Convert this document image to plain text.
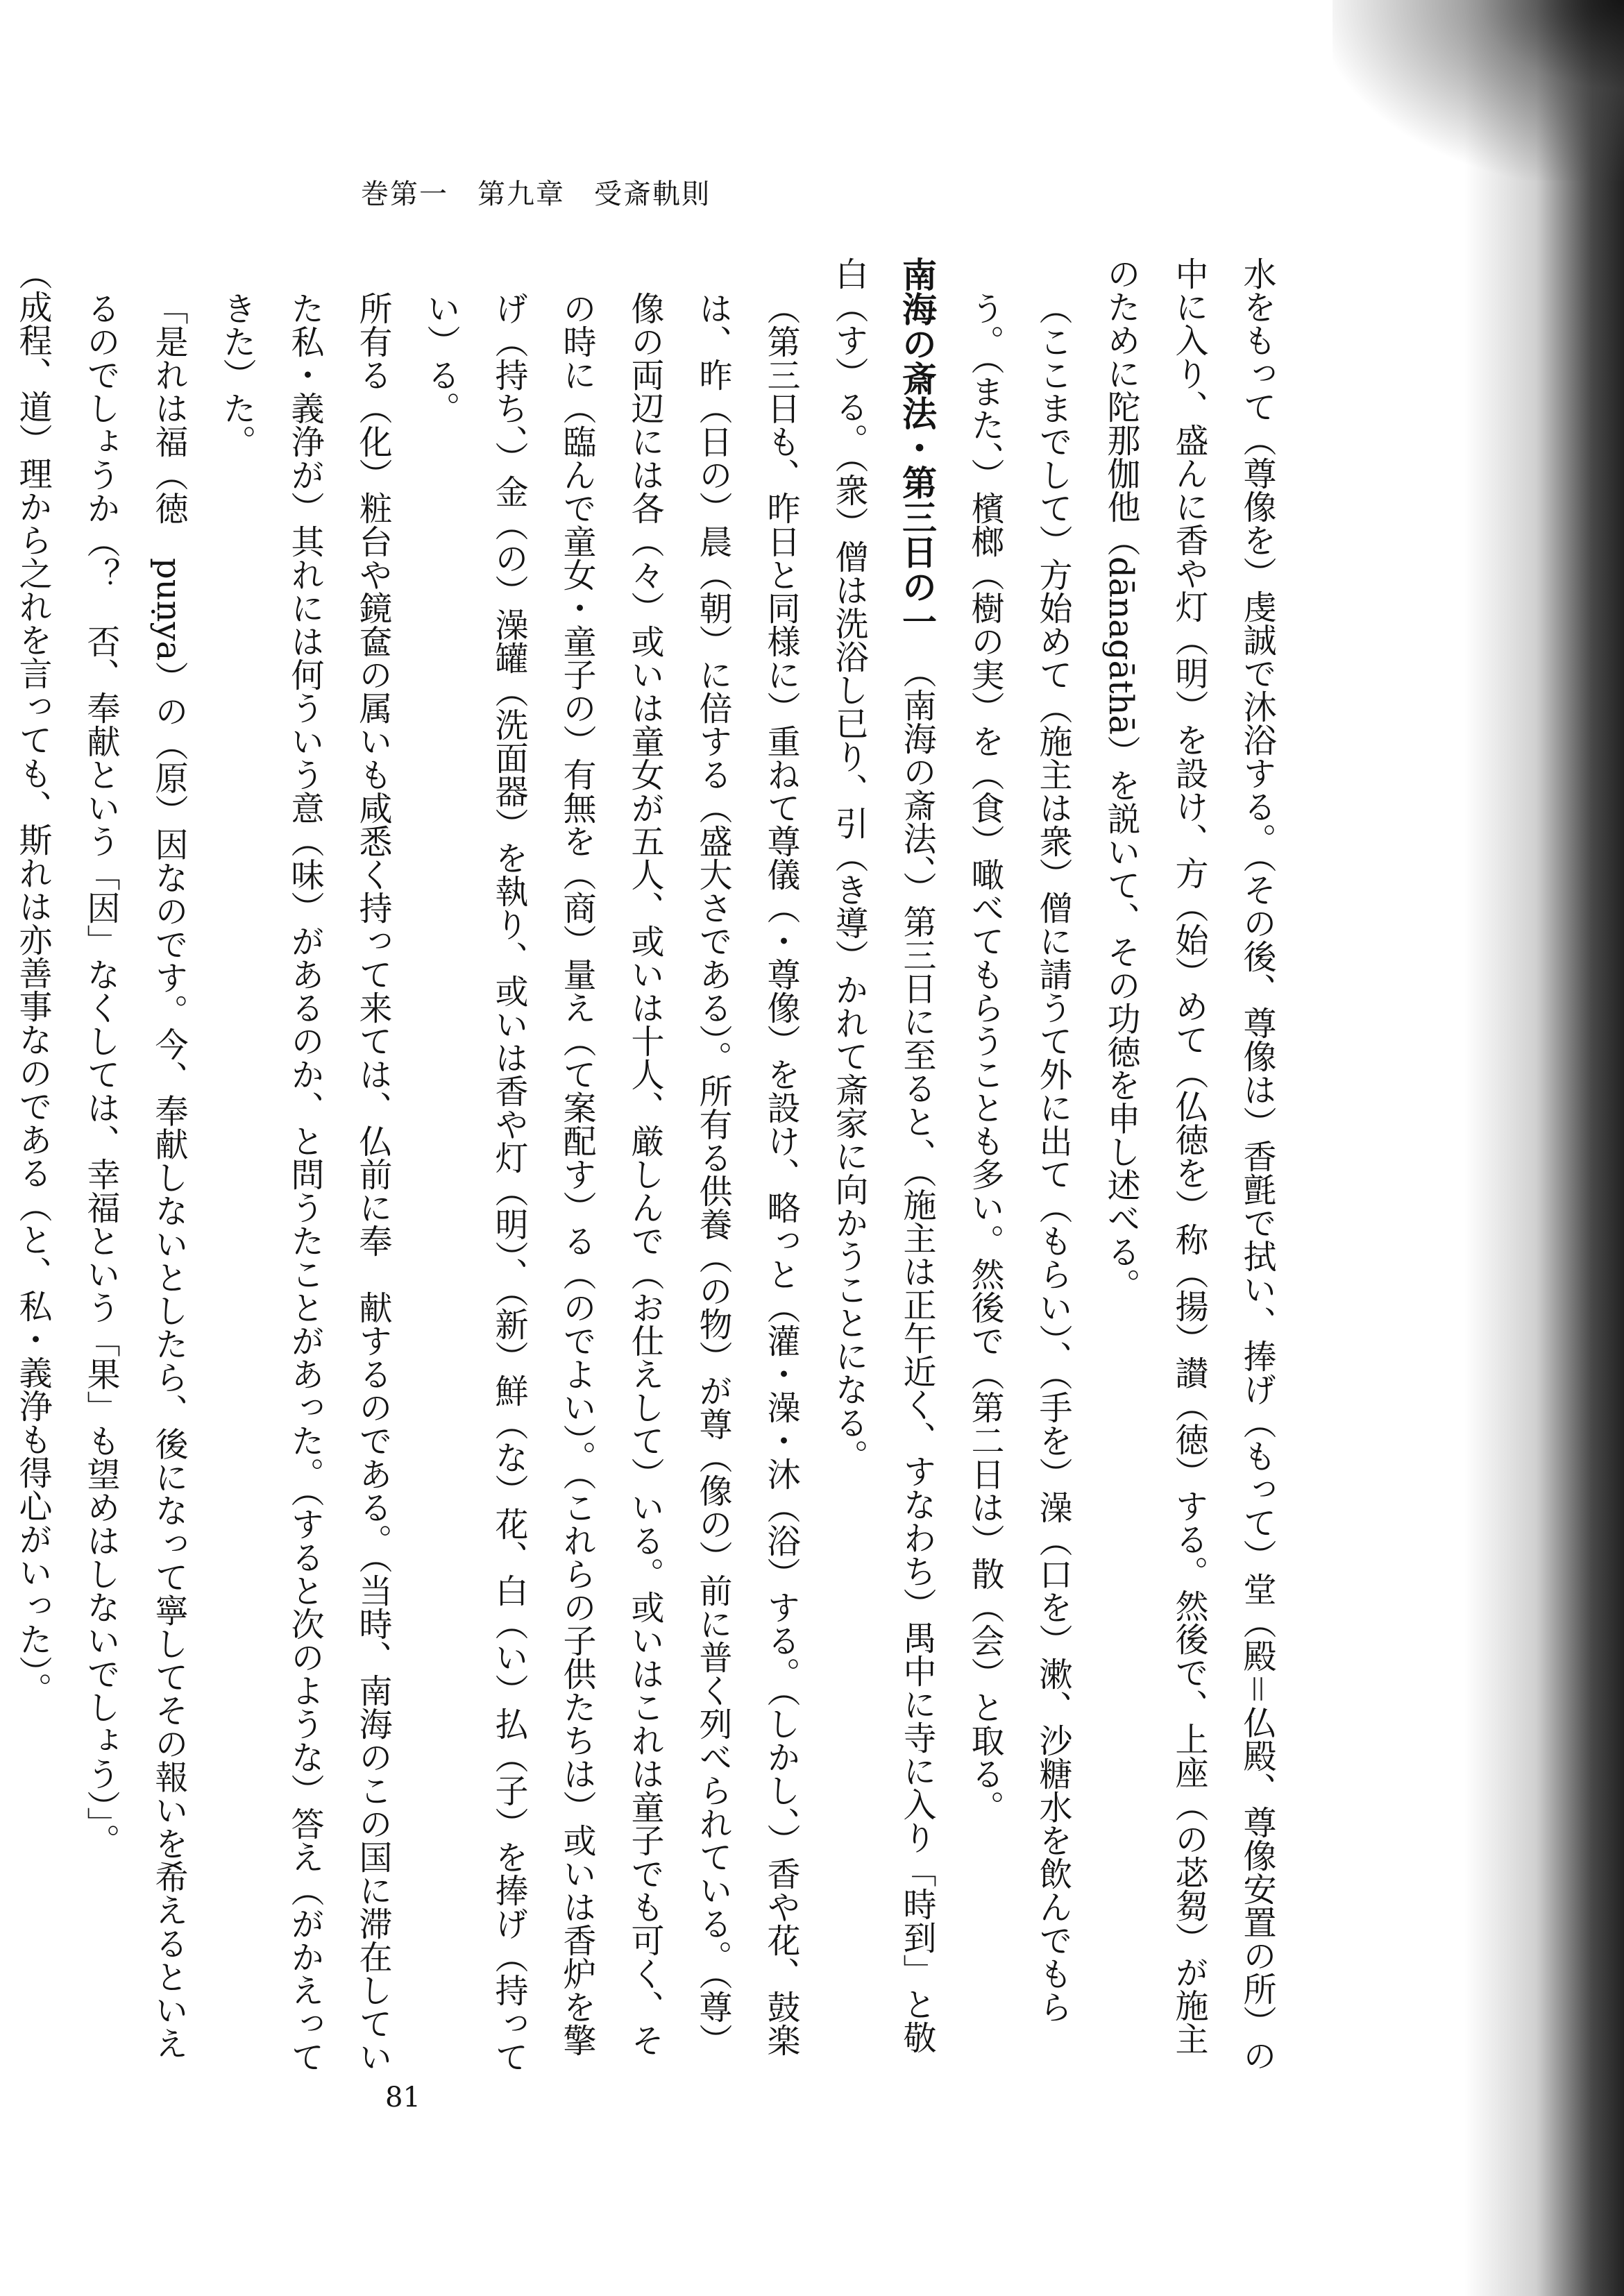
巻第一　第九章　受斎軌則

水をもって（尊像を）虔誠で沐浴する。（その後、尊像は）香氈で拭い、捧げ（もって）堂（殿＝仏殿、尊像安置の所）の中に入り、盛んに香や灯（明）を設け、方（始）めて（仏徳を）称（揚）讃（徳）する。然後で、上座（の苾芻）が施主のために陀那伽他（dānagāthā）を説いて、その功徳を申し述べる。

（ここまでして）方始めて（施主は衆）僧に請うて外に出て（もらい）、（手を）澡（口を）漱、沙糖水を飲んでもらう。（また、）檳榔（樹の実）を（食）噉べてもらうことも多い。然後で（第二日は）散（会）と取る。

南海の斎法・第三日の一　（南海の斎法、）第三日に至ると、（施主は正午近く、すなわち）禺中に寺に入り「時到」と敬　白（す）る。（衆）僧は洗浴し已り、引（き導）かれて斎家に向かうことになる。

（第三日も、昨日と同様に）重ねて尊儀（・尊像）を設け、略っと（灌・澡・沐（浴）する。（しかし、）香や花、鼓楽は、昨（日の）晨（朝）に倍する（盛大さである）。所有る供養（の物）が尊（像の）前に普く列べられている。（尊）像の両辺には各（々）或いは童女が五人、或いは十人、厳しんで（お仕えして）いる。或いはこれは童子でも可く、その時に（臨んで童女・童子の）有無を（商）量え（て案配す）る（のでよい）。（これらの子供たちは）或いは香炉を擎げ（持ち、）金（の）澡罐（洗面器）を執り、或いは香や灯（明）、（新）鮮（な）花、白（い）払（子）を捧げ（持ってい）る。

所有る（化）粧台や鏡奩の属いも咸悉く持って来ては、仏前に奉　献するのである。（当時、南海のこの国に滞在していた私・義浄が）其れには何ういう意（味）があるのか、と問うたことがあった。（すると次のような）答え（がかえってきた）た。

「是れは福（徳　puṇya）の（原）因なのです。今、奉献しないとしたら、後になって寧してその報いを希えるといえるのでしょうか（？　否、奉献という「因」なくしては、幸福という「果」も望めはしないでしょう）」。

（成程、道）理から之れを言っても、斯れは亦善事なのである（と、私・義浄も得心がいった）。

81
